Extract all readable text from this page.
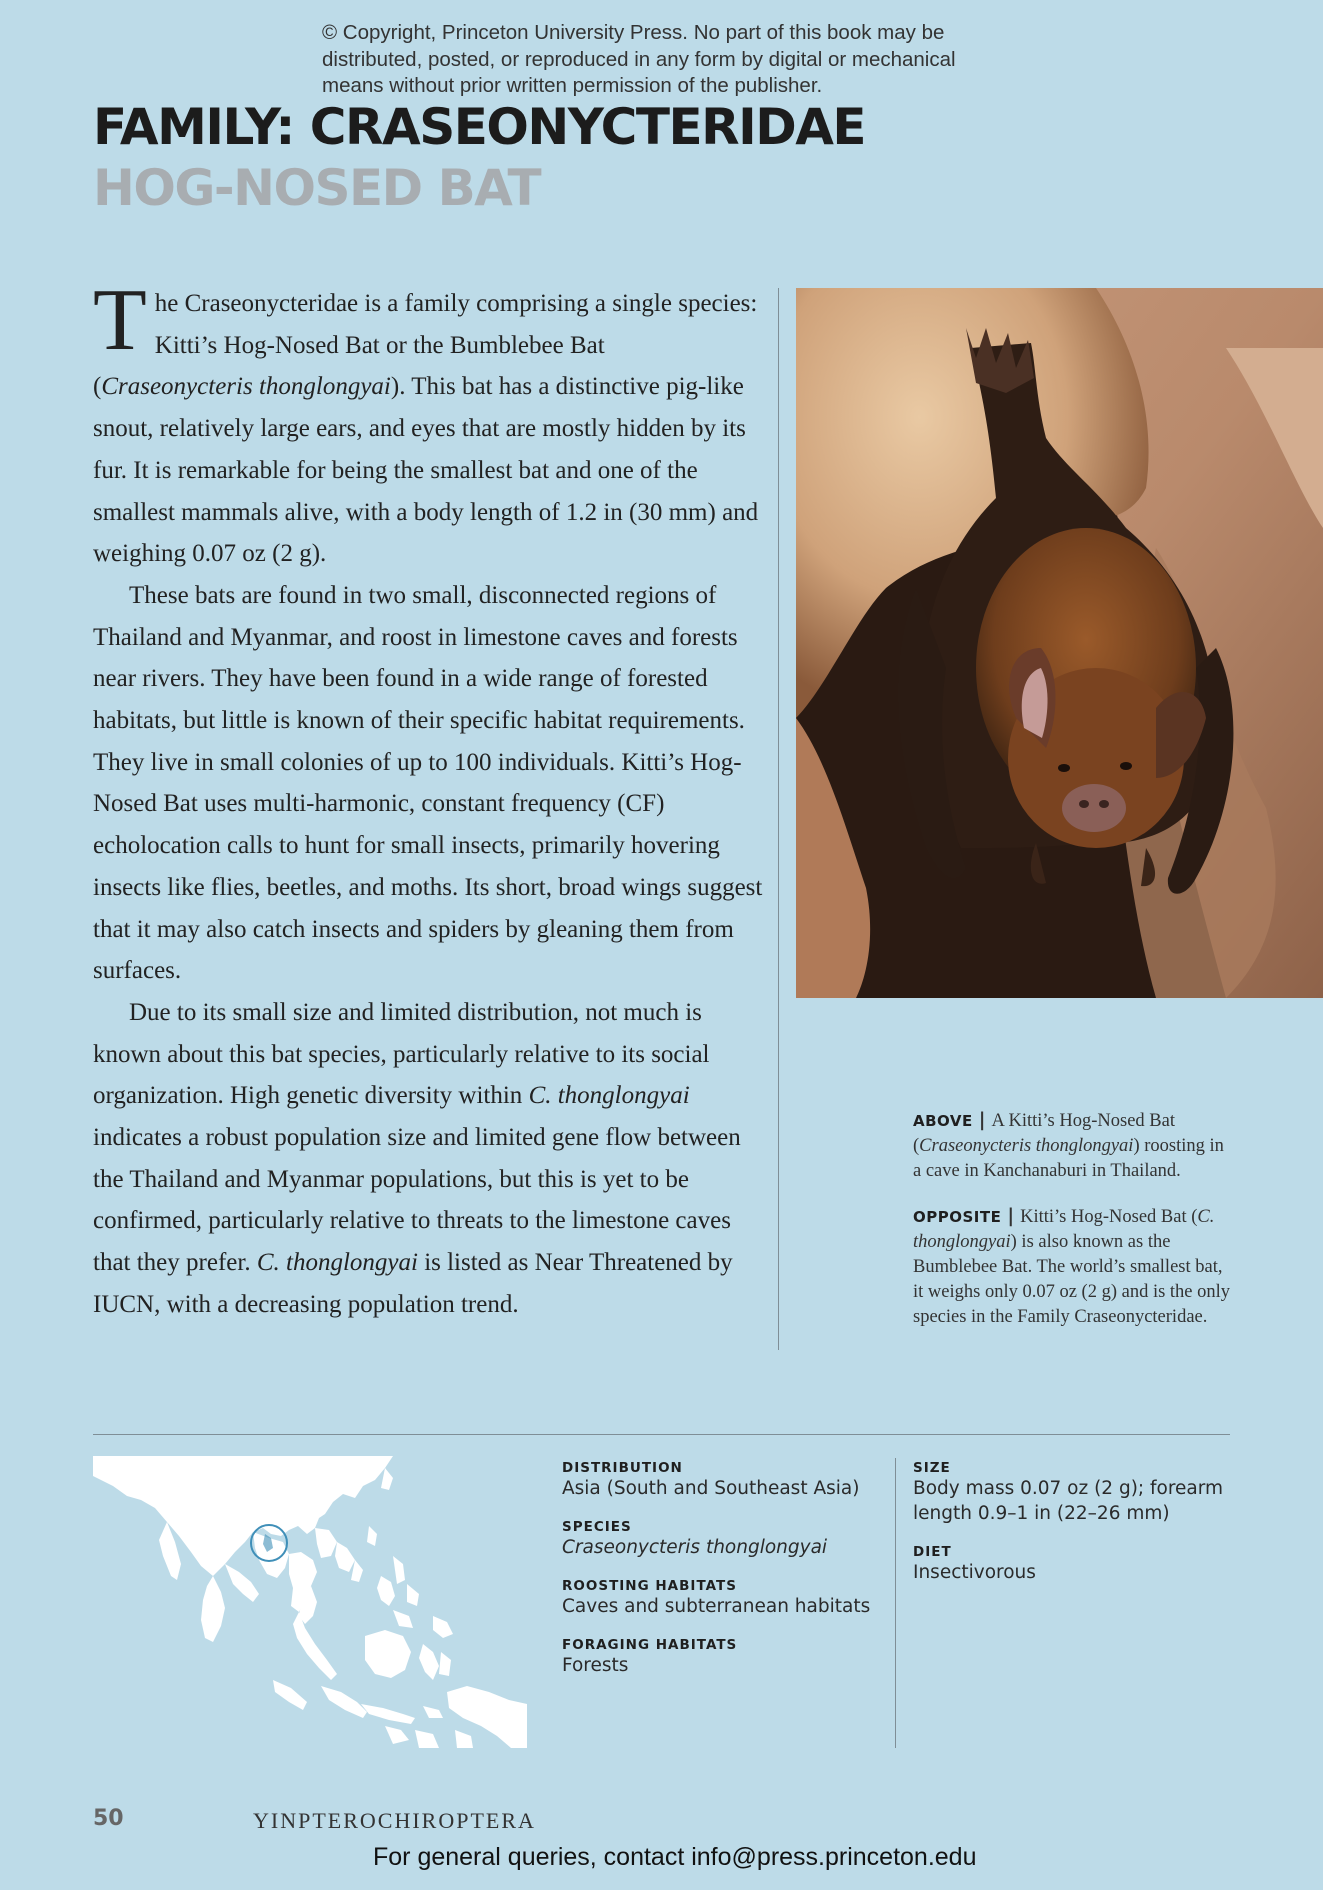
© Copyright, Princeton University Press. No part of this book may be
distributed, posted, or reproduced in any form by digital or mechanical
means without prior written permission of the publisher.
FAMILY: CRASEONYCTERIDAE
HOG-NOSED BAT

The Craseonycteridae is a family comprising a single species: Kitti’s Hog-Nosed Bat or the Bumblebee Bat (Craseonycteris thonglongyai). This bat has a distinctive pig-like snout, relatively large ears, and eyes that are mostly hidden by its fur. It is remarkable for being the smallest bat and one of the smallest mammals alive, with a body length of 1.2 in (30 mm) and weighing 0.07 oz (2 g).

These bats are found in two small, disconnected regions of Thailand and Myanmar, and roost in limestone caves and forests near rivers. They have been found in a wide range of forested habitats, but little is known of their specific habitat requirements. They live in small colonies of up to 100 individuals. Kitti’s Hog-Nosed Bat uses multi-harmonic, constant frequency (CF) echolocation calls to hunt for small insects, primarily hovering insects like flies, beetles, and moths. Its short, broad wings suggest that it may also catch insects and spiders by gleaning them from surfaces.

Due to its small size and limited distribution, not much is known about this bat species, particularly relative to its social organization. High genetic diversity within C. thonglongyai indicates a robust population size and limited gene flow between the Thailand and Myanmar populations, but this is yet to be confirmed, particularly relative to threats to the limestone caves that they prefer. C. thonglongyai is listed as Near Threatened by IUCN, with a decreasing population trend.

ABOVE | A Kitti’s Hog-Nosed Bat (Craseonycteris thonglongyai) roosting in a cave in Kanchanaburi in Thailand.

OPPOSITE | Kitti’s Hog-Nosed Bat (C. thonglongyai) is also known as the Bumblebee Bat. The world’s smallest bat, it weighs only 0.07 oz (2 g) and is the only species in the Family Craseonycteridae.

DISTRIBUTION
Asia (South and Southeast Asia)
SPECIES
Craseonycteris thonglongyai
ROOSTING HABITATS
Caves and subterranean habitats
FORAGING HABITATS
Forests
SIZE
Body mass 0.07 oz (2 g); forearm length 0.9–1 in (22–26 mm)
DIET
Insectivorous
50	YINPTEROCHIROPTERA
For general queries, contact info@press.princeton.edu
